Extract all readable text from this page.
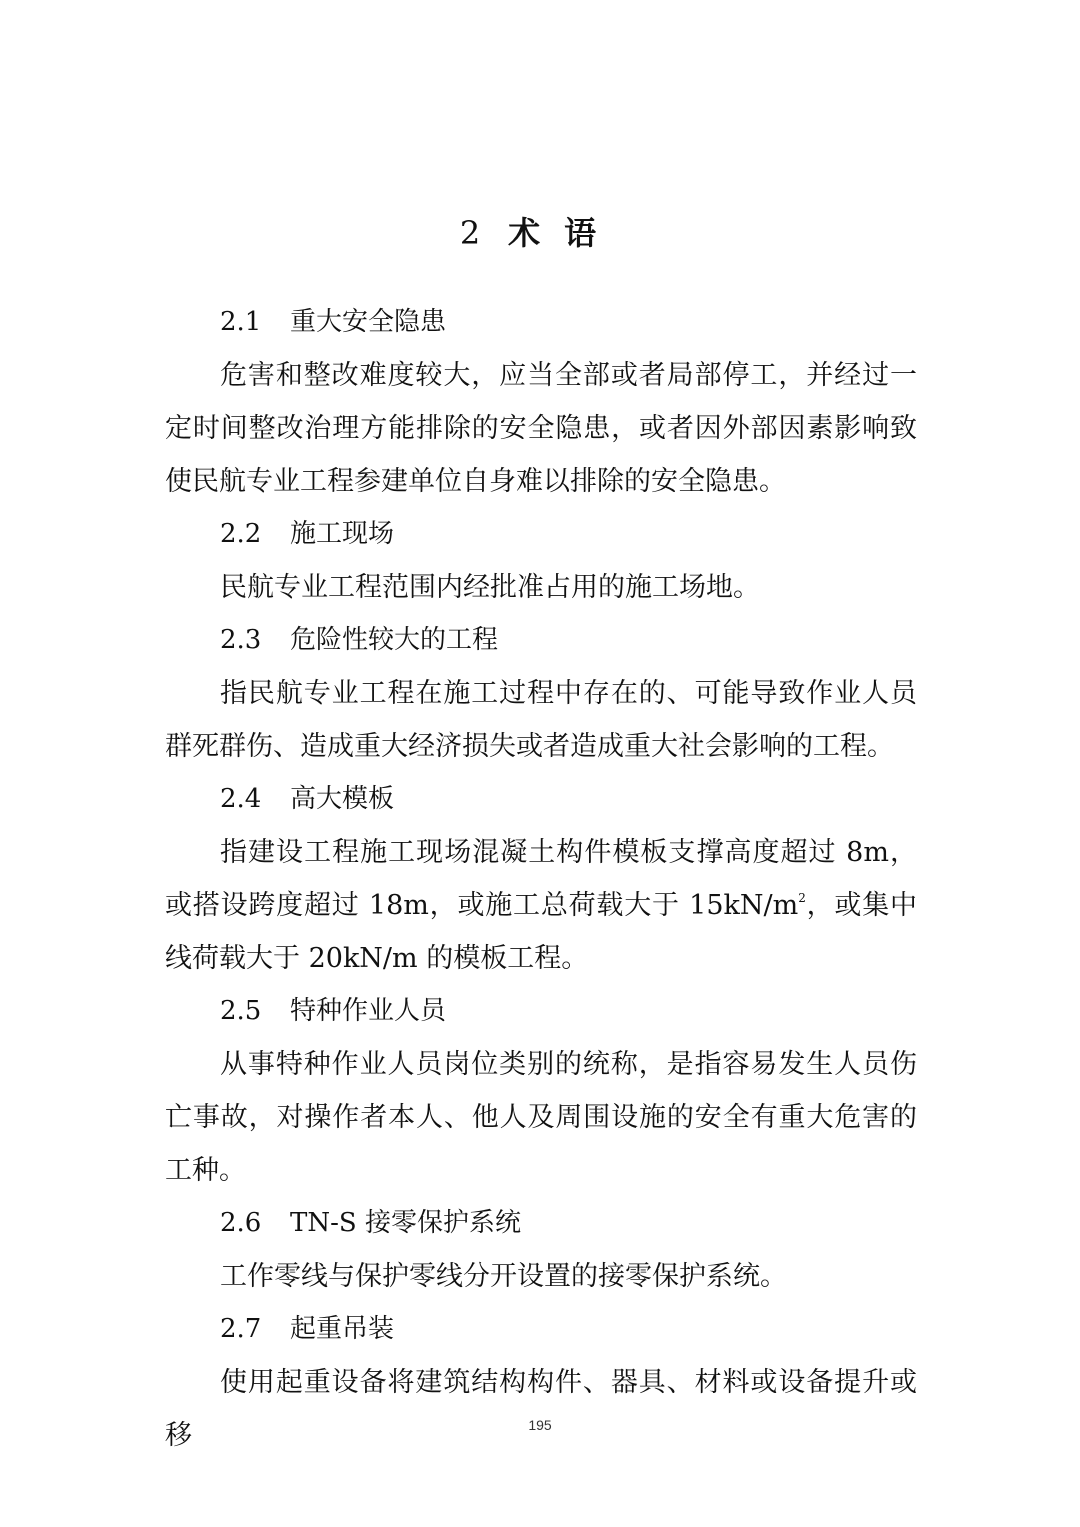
2 术语
2.1 重大安全隐患

危害和整改难度较大，应当全部或者局部停工，并经过一定时间整改治理方能排除的安全隐患，或者因外部因素影响致使民航专业工程参建单位自身难以排除的安全隐患。

2.2 施工现场

民航专业工程范围内经批准占用的施工场地。

2.3 危险性较大的工程

指民航专业工程在施工过程中存在的、可能导致作业人员群死群伤、造成重大经济损失或者造成重大社会影响的工程。

2.4 高大模板

指建设工程施工现场混凝土构件模板支撑高度超过 8m，或搭设跨度超过 18m，或施工总荷载大于 $15kN/m^2$，或集中线荷载大于 20kN/m 的模板工程。

2.5 特种作业人员

从事特种作业人员岗位类别的统称，是指容易发生人员伤亡事故，对操作者本人、他人及周围设施的安全有重大危害的工种。

2.6 TN-S 接零保护系统

工作零线与保护零线分开设置的接零保护系统。

2.7 起重吊装

使用起重设备将建筑结构构件、器具、材料或设备提升或移	195
